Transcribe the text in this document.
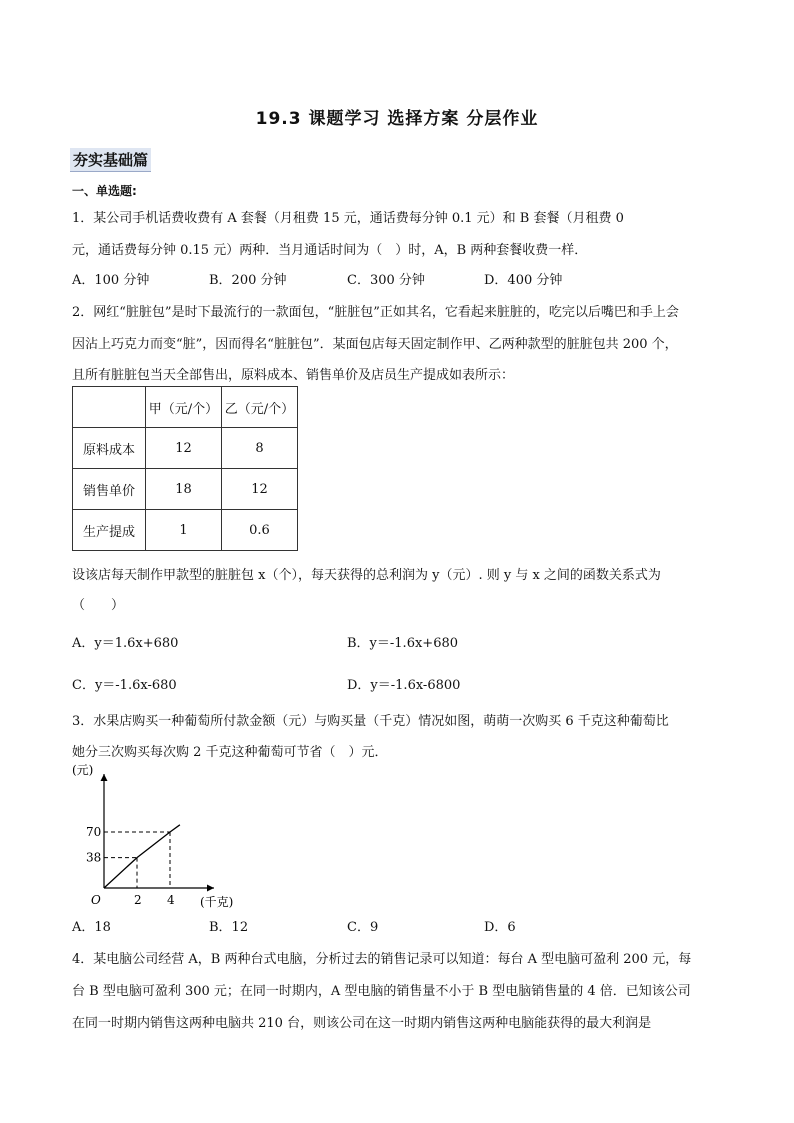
19.3 课题学习 选择方案 分层作业
夯实基础篇
一、单选题:
1．某公司手机话费收费有 A 套餐（月租费 15 元，通话费每分钟 0.1 元）和 B 套餐（月租费 0
元，通话费每分钟 0.15 元）两种．当月通话时间为（　）时，A，B 两种套餐收费一样．
A．100 分钟	B．200 分钟	C．300 分钟	D．400 分钟
2．网红“脏脏包”是时下最流行的一款面包，“脏脏包”正如其名，它看起来脏脏的，吃完以后嘴巴和手上会
因沾上巧克力而变“脏”，因而得名“脏脏包”．某面包店每天固定制作甲、乙两种款型的脏脏包共 200 个，
且所有脏脏包当天全部售出，原料成本、销售单价及店员生产提成如表所示：
	甲（元/个）	乙（元/个）
原料成本	12	8
销售单价	18	12
生产提成	1	0.6
设该店每天制作甲款型的脏脏包 x（个），每天获得的总利润为 y（元）. 则 y 与 x 之间的函数关系式为
（　　）
A．y＝1.6x+680	B．y＝-1.6x+680
C．y＝-1.6x-680	D．y＝-1.6x-6800
3．水果店购买一种葡萄所付款金额（元）与购买量（千克）情况如图，萌萌一次购买 6 千克这种葡萄比
她分三次购买每次购 2 千克这种葡萄可节省（　）元．
(元)
(千克)
O	2
38
4
70
A．18	B．12	C．9	D．6
4．某电脑公司经营 A，B 两种台式电脑，分析过去的销售记录可以知道：每台 A 型电脑可盈利 200 元，每
台 B 型电脑可盈利 300 元；在同一时期内，A 型电脑的销售量不小于 B 型电脑销售量的 4 倍．已知该公司
在同一时期内销售这两种电脑共 210 台，则该公司在这一时期内销售这两种电脑能获得的最大利润是
